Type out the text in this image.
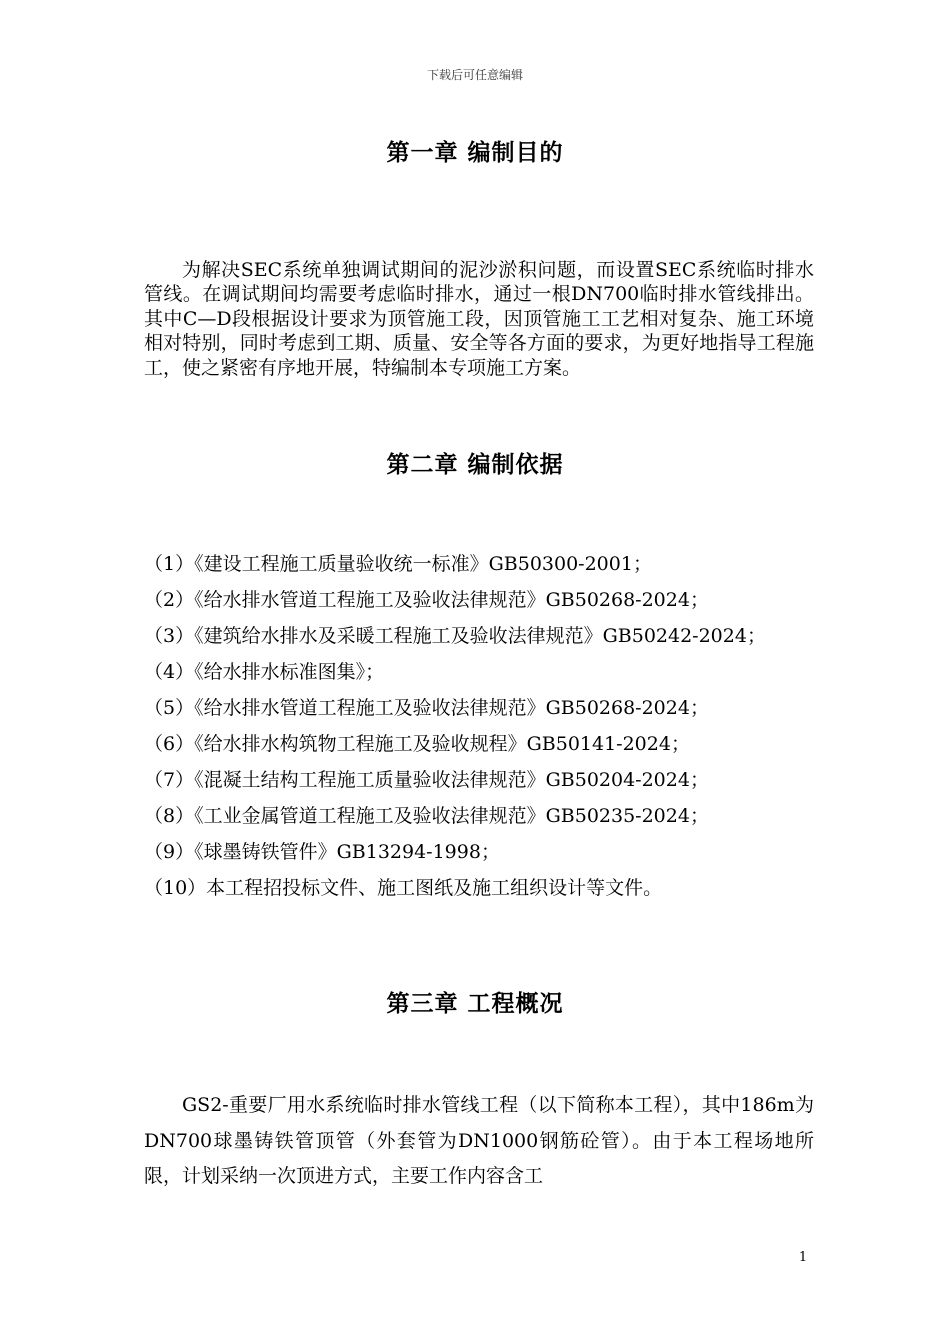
下载后可任意编辑
第一章 编制目的
为解决SEC系统单独调试期间的泥沙淤积问题，而设置SEC系统临时排水管线。在调试期间均需要考虑临时排水，通过一根DN700临时排水管线排出。其中C—D段根据设计要求为顶管施工段，因顶管施工工艺相对复杂、施工环境相对特别，同时考虑到工期、质量、安全等各方面的要求，为更好地指导工程施工，使之紧密有序地开展，特编制本专项施工方案。
第二章 编制依据
（1）《建设工程施工质量验收统一标准》GB50300-2001；
（2）《给水排水管道工程施工及验收法律规范》GB50268-2024；
（3）《建筑给水排水及采暖工程施工及验收法律规范》GB50242-2024；
（4）《给水排水标准图集》；
（5）《给水排水管道工程施工及验收法律规范》GB50268-2024；
（6）《给水排水构筑物工程施工及验收规程》GB50141-2024；
（7）《混凝土结构工程施工质量验收法律规范》GB50204-2024；
（8）《工业金属管道工程施工及验收法律规范》GB50235-2024；
（9）《球墨铸铁管件》GB13294-1998；
（10）本工程招投标文件、施工图纸及施工组织设计等文件。
第三章 工程概况
GS2-重要厂用水系统临时排水管线工程（以下简称本工程），其中186m为DN700球墨铸铁管顶管（外套管为DN1000钢筋砼管）。由于本工程场地所限，计划采纳一次顶进方式，主要工作内容含工
1
